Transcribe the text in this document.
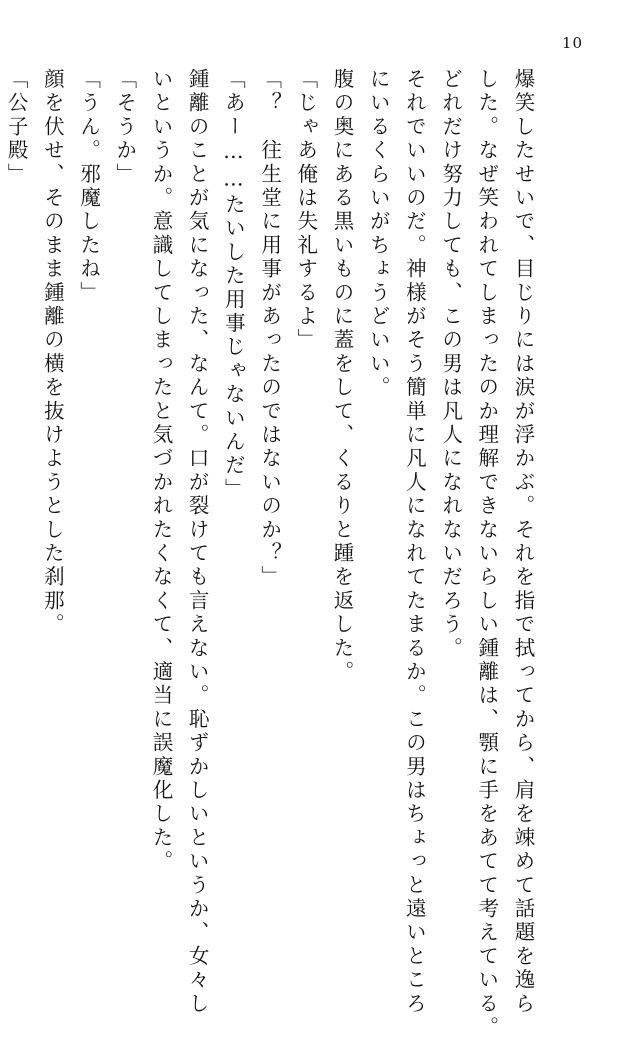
10
爆笑したせいで、目じりには涙が浮かぶ。それを指で拭ってから、肩を竦めて話題を逸ら
した。なぜ笑われてしまったのか理解できないらしい鍾離は、顎に手をあてて考えている。
どれだけ努力しても、この男は凡人になれないだろう。
それでいいのだ。神様がそう簡単に凡人になれてたまるか。この男はちょっと遠いところ
にいるくらいがちょうどいい。
腹の奥にある黒いものに蓋をして、くるりと踵を返した。
「じゃあ俺は失礼するよ」
「？　往生堂に用事があったのではないのか？」
「あー……たいした用事じゃないんだ」
鍾離のことが気になった、なんて。口が裂けても言えない。恥ずかしいというか、女々し
いというか。意識してしまったと気づかれたくなくて、適当に誤魔化した。
「そうか」
「うん。邪魔したね」
顔を伏せ、そのまま鍾離の横を抜けようとした刹那。
「公子殿」
